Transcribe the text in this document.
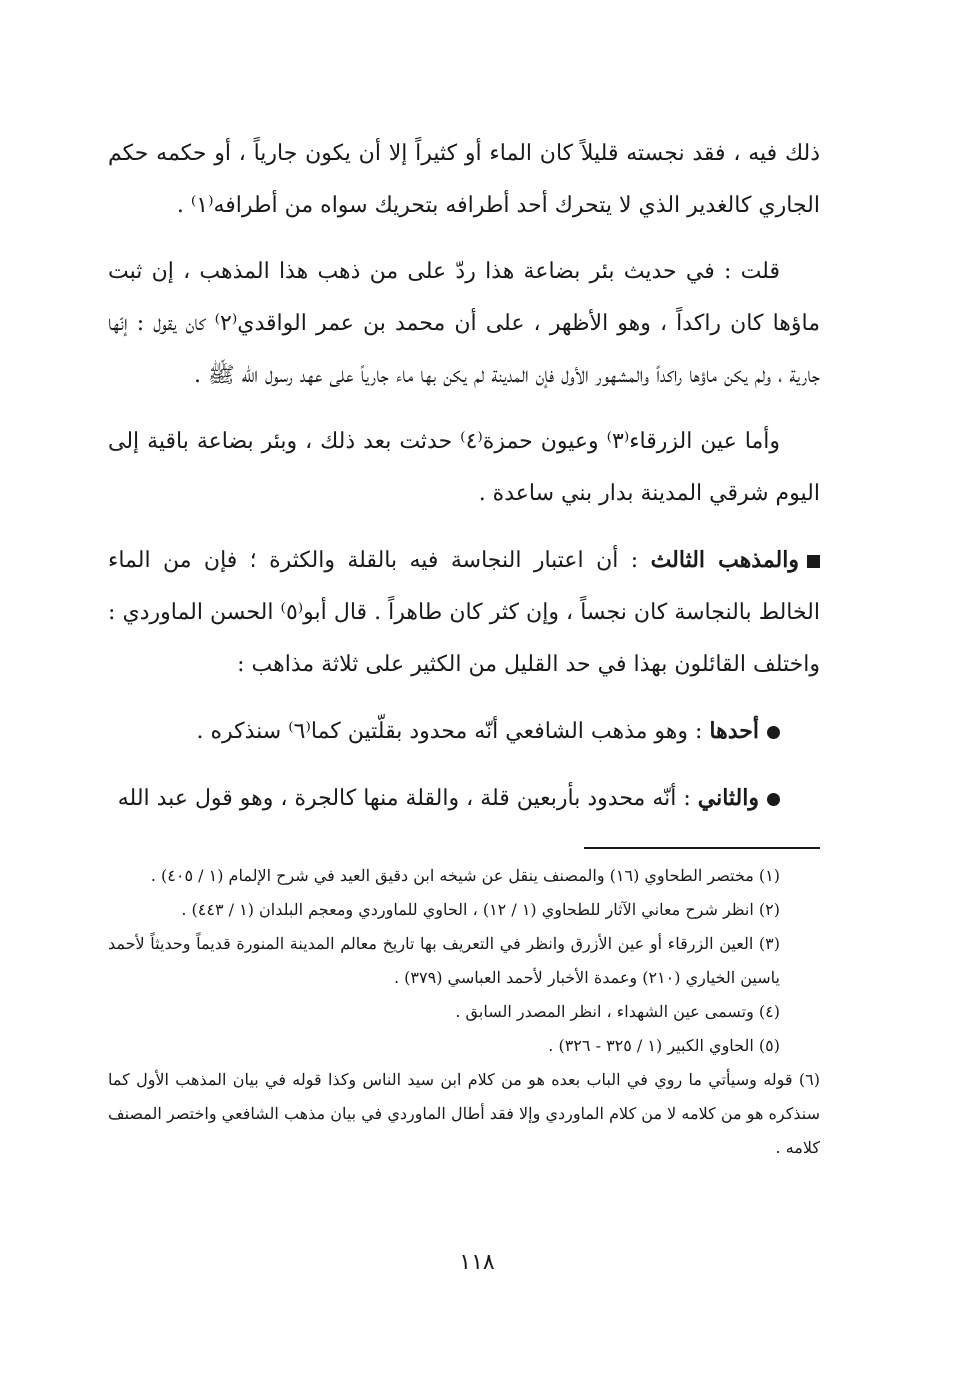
ذلك فيه ، فقد نجسته قليلاً كان الماء أو كثيراً إلا أن يكون جارياً ، أو حكمه حكم الجاري كالغدير الذي لا يتحرك أحد أطرافه بتحريك سواه من أطرافه⁽١⁾ .

قلت : في حديث بئر بضاعة هذا ردّ على من ذهب هذا المذهب ، إن ثبت ماؤها كان راكداً ، وهو الأظهر ، على أن محمد بن عمر الواقدي⁽٢⁾ كان يقول : إنّها جارية ، ولم يكن ماؤها راكداً والمشهور الأول فإن المدينة لم يكن بها ماء جارياً على عهد رسول الله ﷺ .

وأما عين الزرقاء⁽٣⁾ وعيون حمزة⁽٤⁾ حدثت بعد ذلك ، وبئر بضاعة باقية إلى اليوم شرقي المدينة بدار بني ساعدة .

والمذهب الثالث : أن اعتبار النجاسة فيه بالقلة والكثرة ؛ فإن من الماء الخالط بالنجاسة كان نجساً ، وإن كثر كان طاهراً . قال أبو⁽٥⁾ الحسن الماوردي : واختلف القائلون بهذا في حد القليل من الكثير على ثلاثة مذاهب :

أحدها : وهو مذهب الشافعي أنّه محدود بقلّتين كما⁽٦⁾ سنذكره .

والثاني : أنّه محدود بأربعين قلة ، والقلة منها كالجرة ، وهو قول عبد الله

(١) مختصر الطحاوي (١٦) والمصنف ينقل عن شيخه ابن دقيق العيد في شرح الإلمام (١ / ٤٠٥) .

(٢) انظر شرح معاني الآثار للطحاوي (١ / ١٢) ، الحاوي للماوردي ومعجم البلدان (١ / ٤٤٣) .

(٣) العين الزرقاء أو عين الأزرق وانظر في التعريف بها تاريخ معالم المدينة المنورة قديماً وحديثاً لأحمد ياسين الخياري (٢١٠) وعمدة الأخبار لأحمد العباسي (٣٧٩) .

(٤) وتسمى عين الشهداء ، انظر المصدر السابق .

(٥) الحاوي الكبير (١ / ٣٢٥ - ٣٢٦) .

(٦) قوله وسيأتي ما روي في الباب بعده هو من كلام ابن سيد الناس وكذا قوله في بيان المذهب الأول كما سنذكره هو من كلامه لا من كلام الماوردي وإلا فقد أطال الماوردي في بيان مذهب الشافعي واختصر المصنف كلامه .

١١٨
